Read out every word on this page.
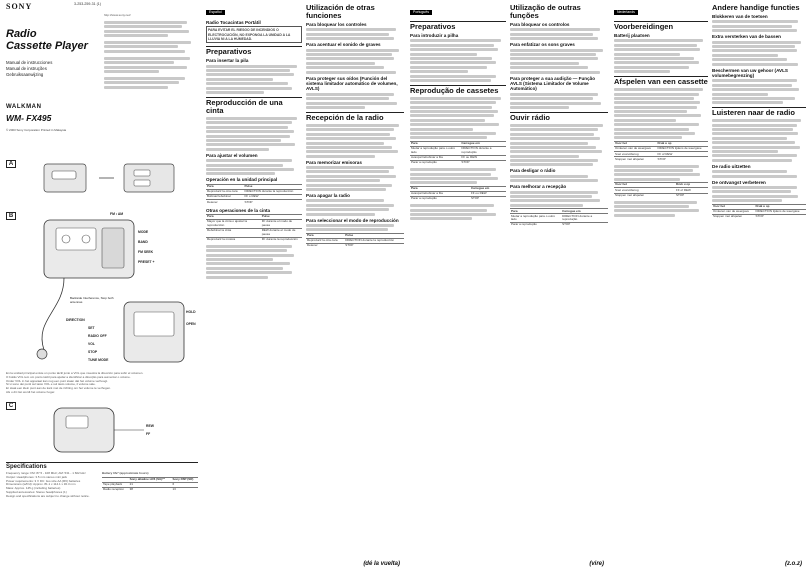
3-253-259-31 (1)
SONY
Radio
Cassette Player
Manual de instrucciones
Manual de instruções
Gebruiksaanwijzing
WALKMAN
WM- FX495
© 2003 Sony Corporation Printed in Malaysia
http://www.sony.net/
A
B	FM • AM
MODE
BAND
FM SEEK
PRESET +
Backside Interference, Stop both antennas
DIRECTION
SET
RADIO OFF
VOL
STOP
TUNE MODE
HOLD
OPEN
En la unidad principal existe un punto táctil junto a VOL que muestra la dirección para subir el volumen.
O botão VOL tem um ponto táctil para ajudar a identificar a direcção para aumentar o volume.
Onder VOL in het apparaat kan nog een punt staan dat het volume verhoogt.
Si vi sono dei punti sul tasto VOL e sul tasto volume, il volume sale.
Er staat een klein punt aan de kant met de richting om het volume te verhogen.
Als u dit ziet wordt het volume hoger.
C
REW
FF
Specifications
Frequency range: FM: 87.5 - 108 MHz; AM: 531 - 1 602 kHz
Output: Headphones: 3.5 mm stereo mini jack
Power requirements: 3 V DC: two size AA (R6) batteries
Dimensions (w/h/d): Approx. 81.1 x 114.1 x 30.3 mm
Mass: Approx. 145 g (including batteries)
Supplied accessories: Stereo headphones (1)
Battery life* (approximate hours)
	Sony alkaline LR6 (SG)**	Sony R6P (SR)
Tape playback	21	6
Radio reception	38	13
Design and specifications are subject to change without notice.
Español
Radio Tocacintas Portátil
PARA EVITAR EL RIESGO DE INCENDIOS O ELECTROCUCIÓN, NO EXPONGA LA UNIDAD A LA LLUVIA NI A LA HUMEDAD.
Preparativos
Para insertar la pila
Reproducción de una cinta
Para ajustar el volumen
Operación en la unidad principal
Para	Pulse
Reproducir la otra cara	DIRECTION durante la reproducción
Bobinar/rebobinar	FF o REW
Detener	STOP
Otras operaciones de la cinta
Para	Pulse
Mayor que la cinta o ajustar la reproducción	FF durante el modo de pausa
Rebobinar la cinta	REW durante el modo de pausa
Reproducir la música	FF durante la reproducción
Utilización de otras funciones
Para bloquear los controles
Para acentuar el sonido de graves
Para proteger sus oídos (Función del sistema limitador automático de volumen, AVLS)
Recepción de la radio
Para memorizar emisoras
Para apagar la radio
Para seleccionar el modo de reproducción
Para	Pulse
Reproducir la otra cara	DIRECTION durante la reproducción
Detener	STOP
(dé la vuelta)
Português
Preparativos
Para introduzir a pilha
Reprodução de cassetes
Para	Carregue em
Mudar a reprodução para o outro lado	DIRECTION durante a reprodução
Avançar/rebobinar a fita	FF ou REW
Parar a reprodução	STOP
Para	Carregue em
Avançar/rebobinar a fita	FF ou REW
Parar a reprodução	STOP
Utilização de outras funções
Para bloquear os controlos
Para enfatizar os sons graves
Para proteger a sua audição — Função AVLS (Sistema Limitador de Volume Automático)
Ouvir rádio
Para desligar o rádio
Para melhorar a recepção
Para	Carregue em
Mudar a reprodução para o outro lado	DIRECTION durante a reprodução
Parar a reprodução	STOP
(vire)
Nederlands
Voorbereidingen
Batterij plaatsen
Afspelen van een cassette
Voor het	Druk u op
Omkeren van de weergave	DIRECTION tijdens de weergave
Snel vooruit/terug	FF of REW
Stoppen met afspelen	STOP
Voor het	Druk u op
Snel vooruit/terug	FF of REW
Stoppen met afspelen	STOP
Andere handige functies
Blokkeren van de toetsen
Extra versterken van de bassen
Beschermen van uw gehoor (AVLS volumebegrenzing)
Luisteren naar de radio
De radio uitzetten
De ontvangst verbeteren
Voor het	Druk u op
Omkeren van de weergave	DIRECTION tijdens de weergave
Stoppen met afspelen	STOP
(z.o.z)
